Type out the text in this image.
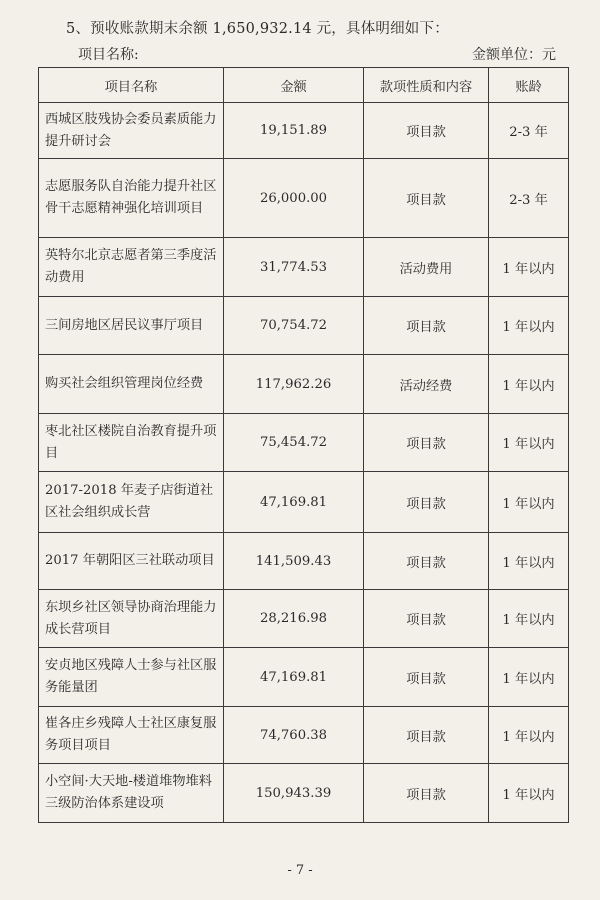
5、预收账款期末余额 1,650,932.14 元，具体明细如下：
项目名称:	金额单位：元
项目名称	金额	款项性质和内容	账龄
西城区肢残协会委员素质能力提升研讨会	19,151.89	项目款	2-3 年
志愿服务队自治能力提升社区骨干志愿精神强化培训项目	26,000.00	项目款	2-3 年
英特尔北京志愿者第三季度活动费用	31,774.53	活动费用	1 年以内
三间房地区居民议事厅项目	70,754.72	项目款	1 年以内
购买社会组织管理岗位经费	117,962.26	活动经费	1 年以内
枣北社区楼院自治教育提升项目	75,454.72	项目款	1 年以内
2017-2018 年麦子店街道社区社会组织成长营	47,169.81	项目款	1 年以内
2017 年朝阳区三社联动项目	141,509.43	项目款	1 年以内
东坝乡社区领导协商治理能力成长营项目	28,216.98	项目款	1 年以内
安贞地区残障人士参与社区服务能量团	47,169.81	项目款	1 年以内
崔各庄乡残障人士社区康复服务项目项目	74,760.38	项目款	1 年以内
小空间·大天地-楼道堆物堆料三级防治体系建设项	150,943.39	项目款	1 年以内
- 7 -
